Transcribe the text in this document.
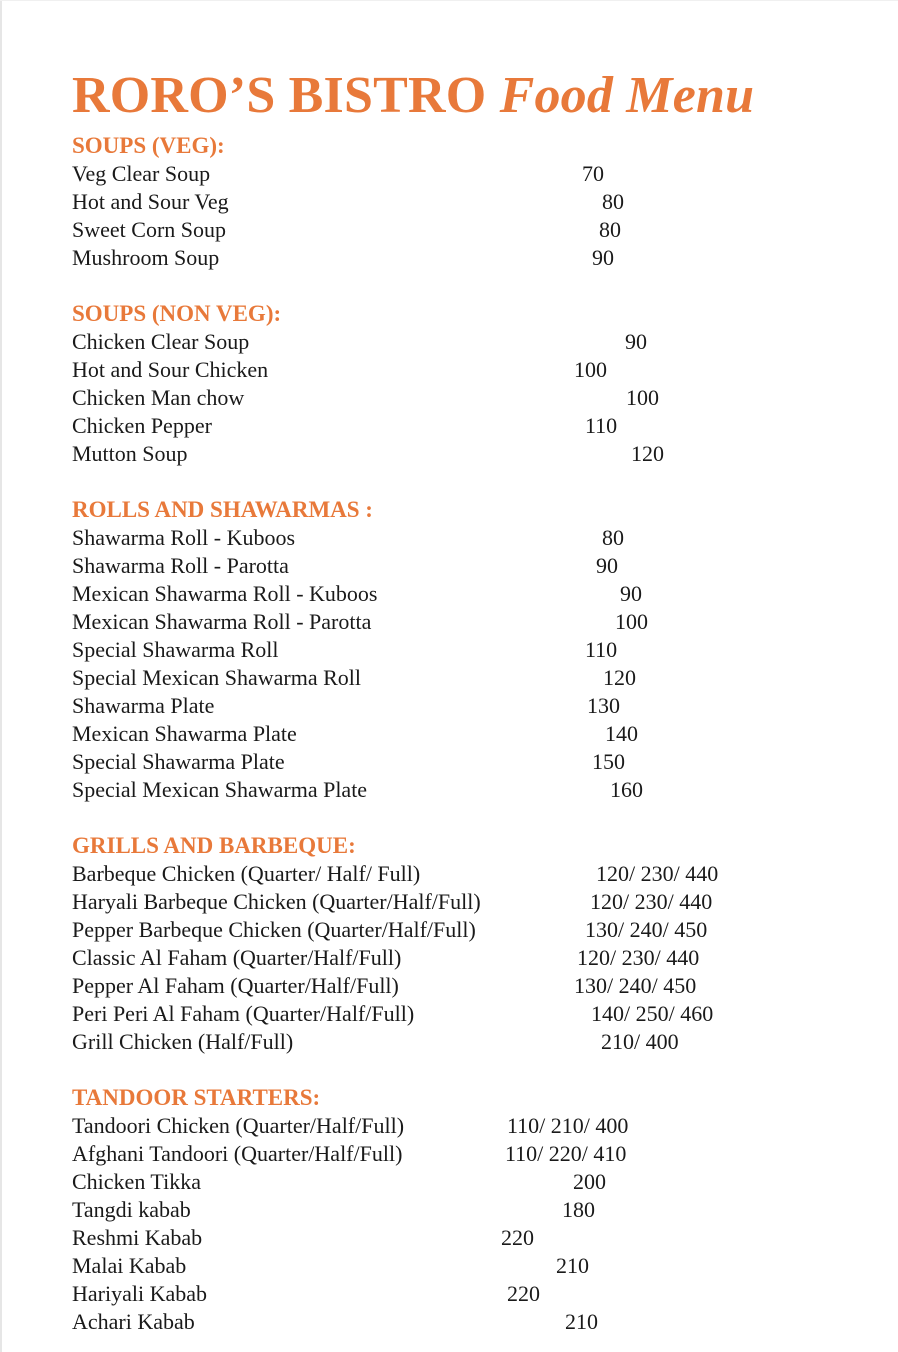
RORO’S BISTRO Food Menu
SOUPS (VEG):
Veg Clear Soup	70
Hot and Sour Veg	80
Sweet Corn Soup	80
Mushroom Soup	90
SOUPS (NON VEG):
Chicken Clear Soup	90
Hot and Sour Chicken	100
Chicken Man chow	100
Chicken Pepper	110
Mutton Soup	120
ROLLS AND SHAWARMAS :
Shawarma Roll - Kuboos	80
Shawarma Roll - Parotta	90
Mexican Shawarma Roll - Kuboos	90
Mexican Shawarma Roll - Parotta	100
Special Shawarma Roll	110
Special Mexican Shawarma Roll	120
Shawarma Plate	130
Mexican Shawarma Plate	140
Special Shawarma Plate	150
Special Mexican Shawarma Plate	160
GRILLS AND BARBEQUE:
Barbeque Chicken (Quarter/ Half/ Full)	120/ 230/ 440
Haryali Barbeque Chicken (Quarter/Half/Full)	120/ 230/ 440
Pepper Barbeque Chicken (Quarter/Half/Full)	130/ 240/ 450
Classic Al Faham (Quarter/Half/Full)	120/ 230/ 440
Pepper Al Faham (Quarter/Half/Full)	130/ 240/ 450
Peri Peri Al Faham (Quarter/Half/Full)	140/ 250/ 460
Grill Chicken (Half/Full)	210/ 400
TANDOOR STARTERS:
Tandoori Chicken (Quarter/Half/Full)	110/ 210/ 400
Afghani Tandoori (Quarter/Half/Full)	110/ 220/ 410
Chicken Tikka	200
Tangdi kabab	180
Reshmi Kabab	220
Malai Kabab	210
Hariyali Kabab	220
Achari Kabab	210
